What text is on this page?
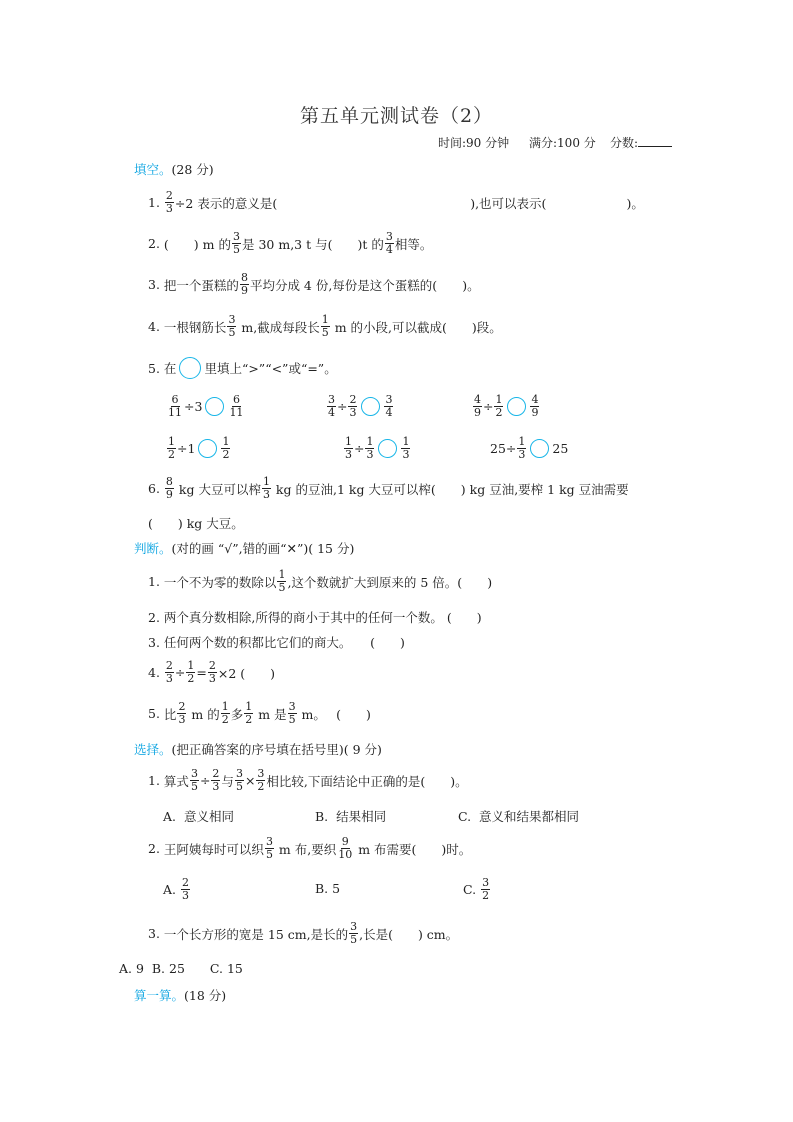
第五单元测试卷（2）
时间:90 分钟 满分:100 分 分数:
填空。(28 分)
1.
$\frac{2}{3} \div 2$ 表示的意义是(	),也可以表示(	)。
2.
(　　) m 的 $\frac{3}{5}$ 是 30 m,3 t 与(　　)t 的 $\frac{3}{4}$ 相等。
3.
把一个蛋糕的 $\frac{8}{9}$ 平均分成 4 份,每份是这个蛋糕的(　　)。
4.
一根钢筋长 $\frac{3}{5} m$,截成每段长 $\frac{1}{5}$ m 的小段,可以截成(　　)段。
5.
在 里填上“>”“<”或“=”。
$\frac{6}{11} \div 3 \frac{6}{11}$	$\frac{3}{4} \div \frac{2}{3} \frac{3}{4}$	$\frac{4}{9} \div \frac{1}{2} \frac{4}{9}$
$\frac{1}{2} \div 1 \frac{1}{2}$	$\frac{1}{3} \div \frac{1}{3} \frac{1}{3}$	$25\div \frac{1}{3} 25$
6.
$\frac{8}{9}$ kg 大豆可以榨 $\frac{1}{3}$ kg 的豆油,1 kg 大豆可以榨(　　) kg 豆油,要榨 1 kg 豆油需要
(　　) kg 大豆。
判断。(对的画 “√”,错的画“✕”)( 15 分)
1.
一个不为零的数除以 $\frac{1}{5}$ ,这个数就扩大到原来的 5 倍。(　　)
2.
两个真分数相除,所得的商小于其中的任何一个数。 (　　)
3.
任何两个数的积都比它们的商大。　　(　　)
4.
$\frac{2}{3} \div \frac{1}{2} = \frac{2}{3} \times 2$ (　　)
5.
比 $\frac{2}{3}$ m 的 $\frac{1}{2}$ 多 $\frac{1}{2}$ m 是 $\frac{3}{5}$ m。　 (　　)
选择。(把正确答案的序号填在括号里)( 9 分)
1.
算式 $\frac{3}{5} \div \frac{2}{3}$ 与 $\frac{3}{5} \times \frac{3}{2}$ 相比较,下面结论中正确的是(　　)。
A.  意义相同	B.  结果相同	C.  意义和结果都相同
2.
王阿姨每时可以织 $\frac{3}{5}$ m 布,要织 $\frac{9}{10}$ m 布需要(　　)时。
A.
$\frac{2}{3}$	B. 5	C.
$\frac{3}{2}$
3.
一个长方形的宽是 15 cm,是长的 $\frac{3}{5}$ ,长是(　　) cm。
A. 9  B. 25　　C. 15
算一算。(18 分)
